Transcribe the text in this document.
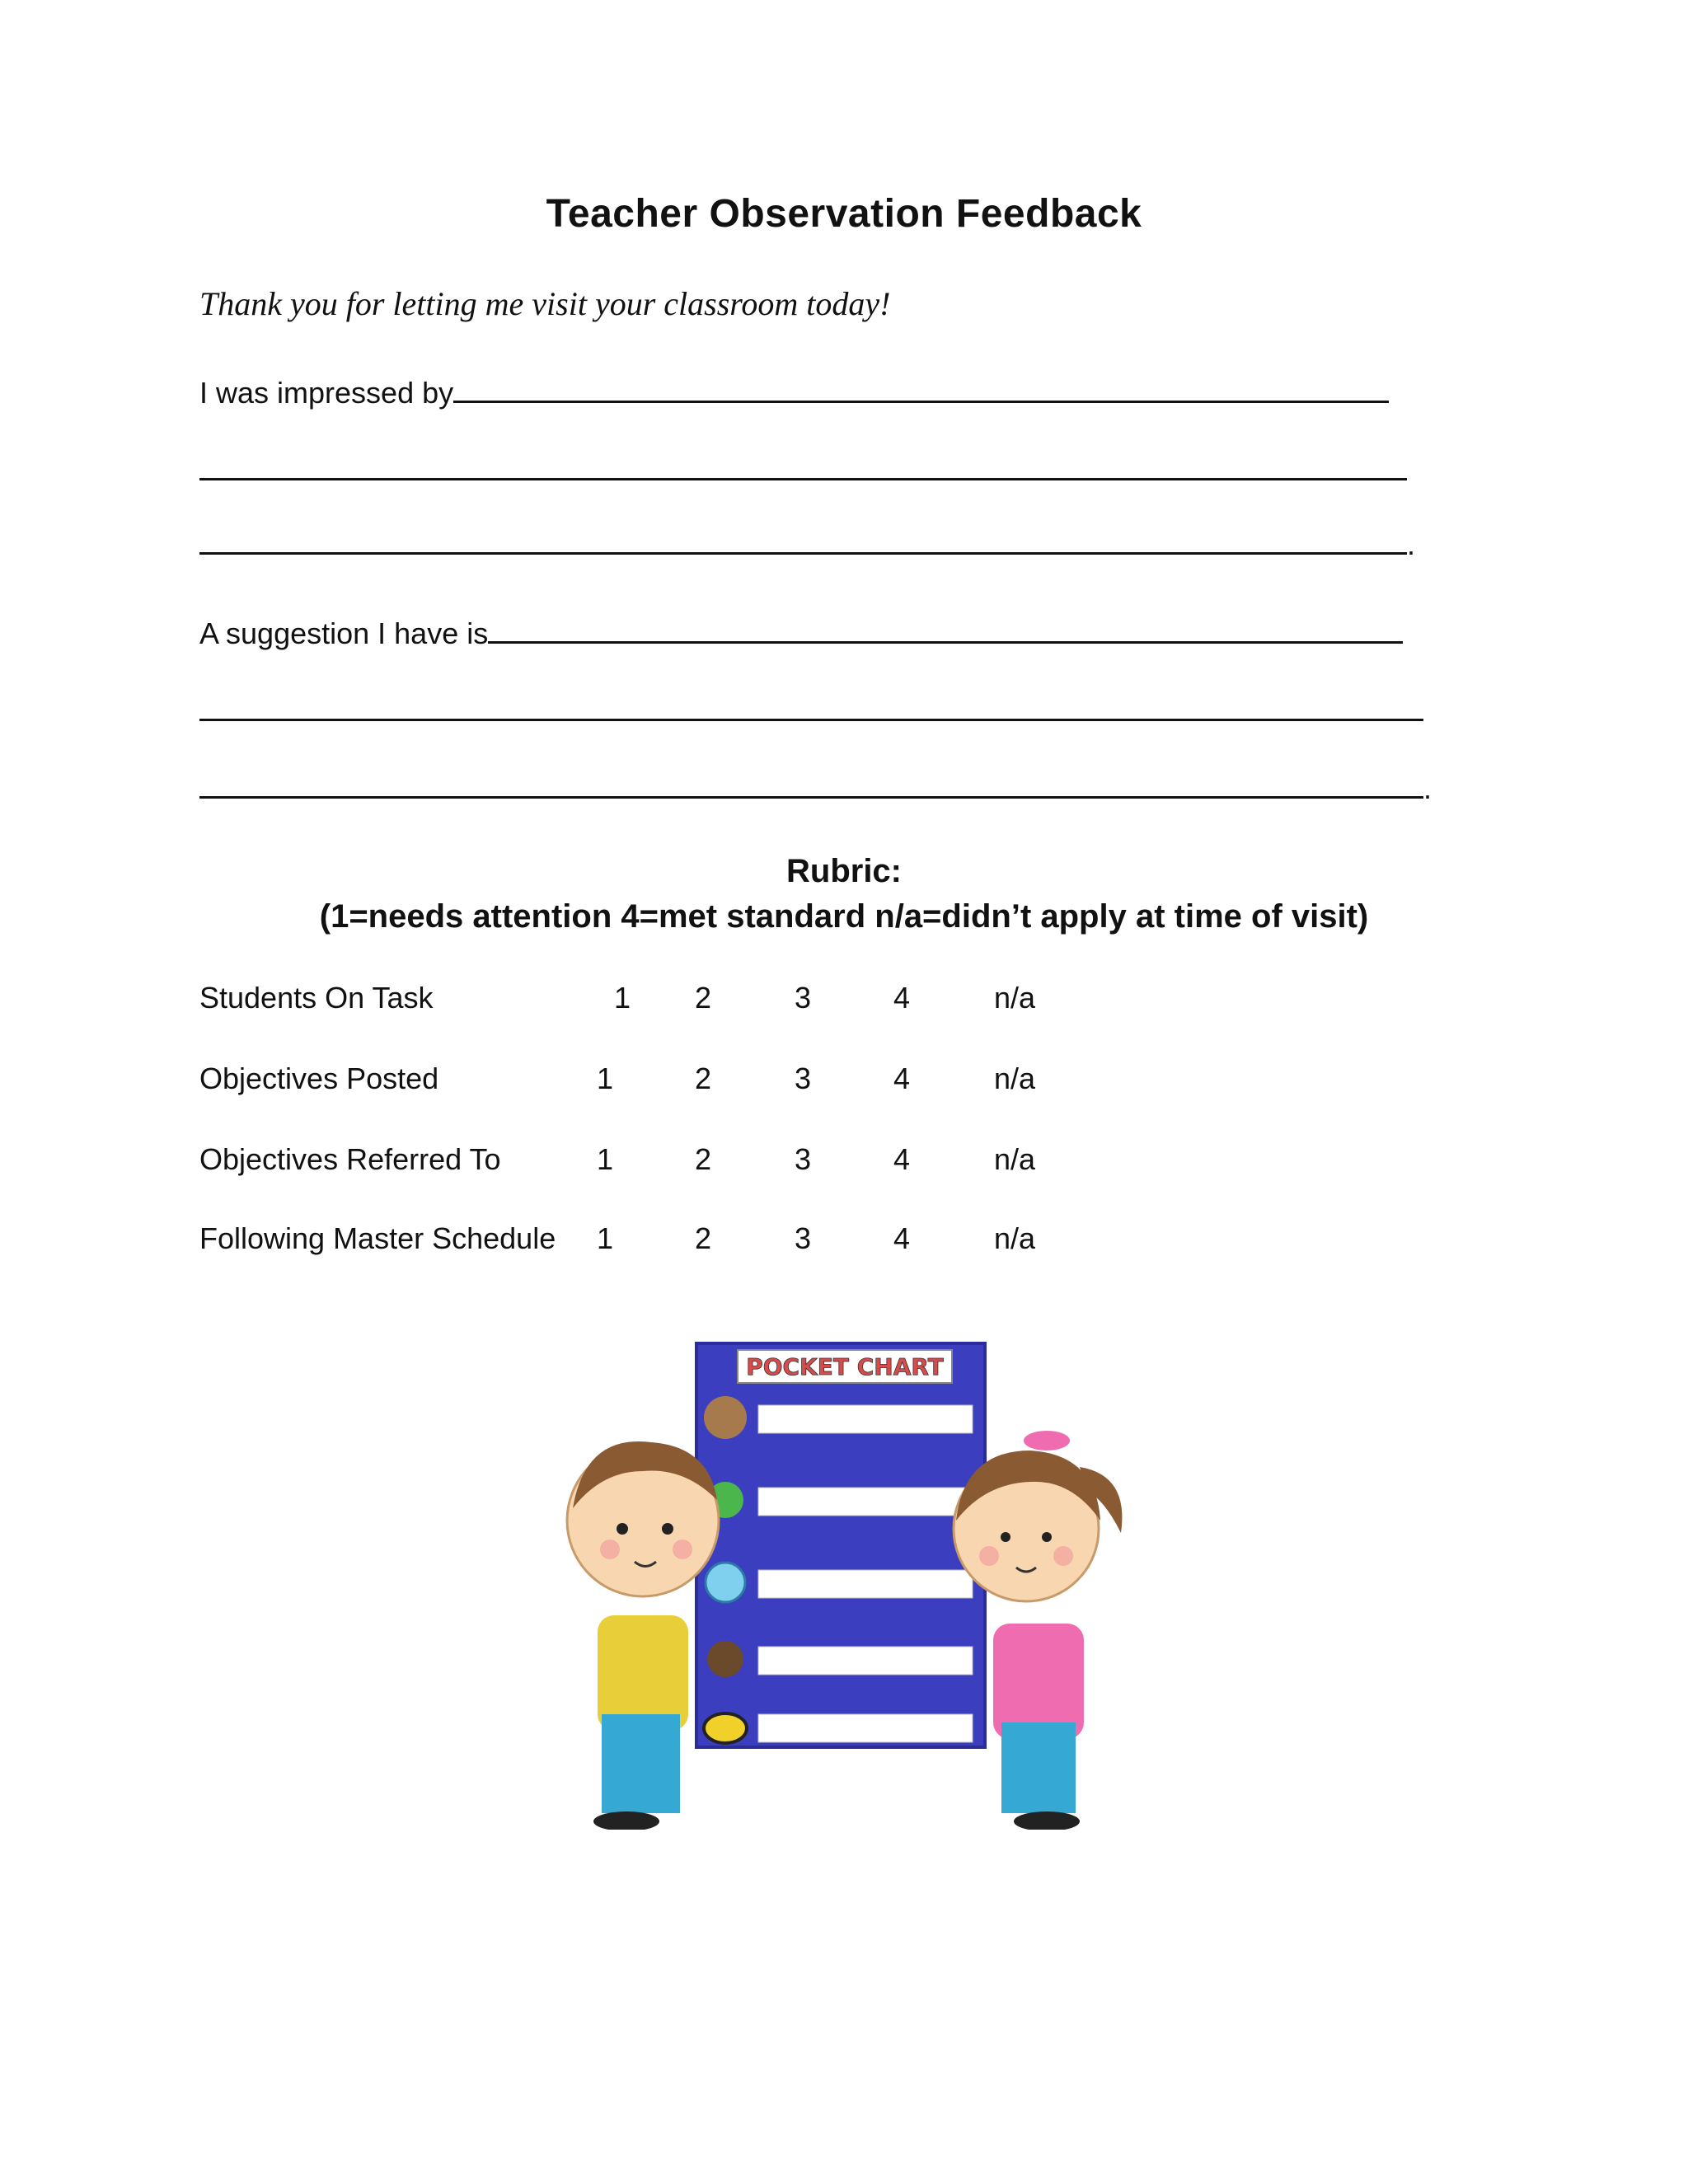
Teacher Observation Feedback
Thank you for letting me visit your classroom today!
I was impressed by
.
A suggestion I have is
.
Rubric:
(1=needs attention 4=met standard n/a=didn’t apply at time of visit)
Students On Task	1 2	3	4	n/a
Objectives Posted	1	2	3	4	n/a
Objectives Referred To	1	2	3	4	n/a
Following Master Schedule 1	2	3	4	n/a
POCKET CHART
